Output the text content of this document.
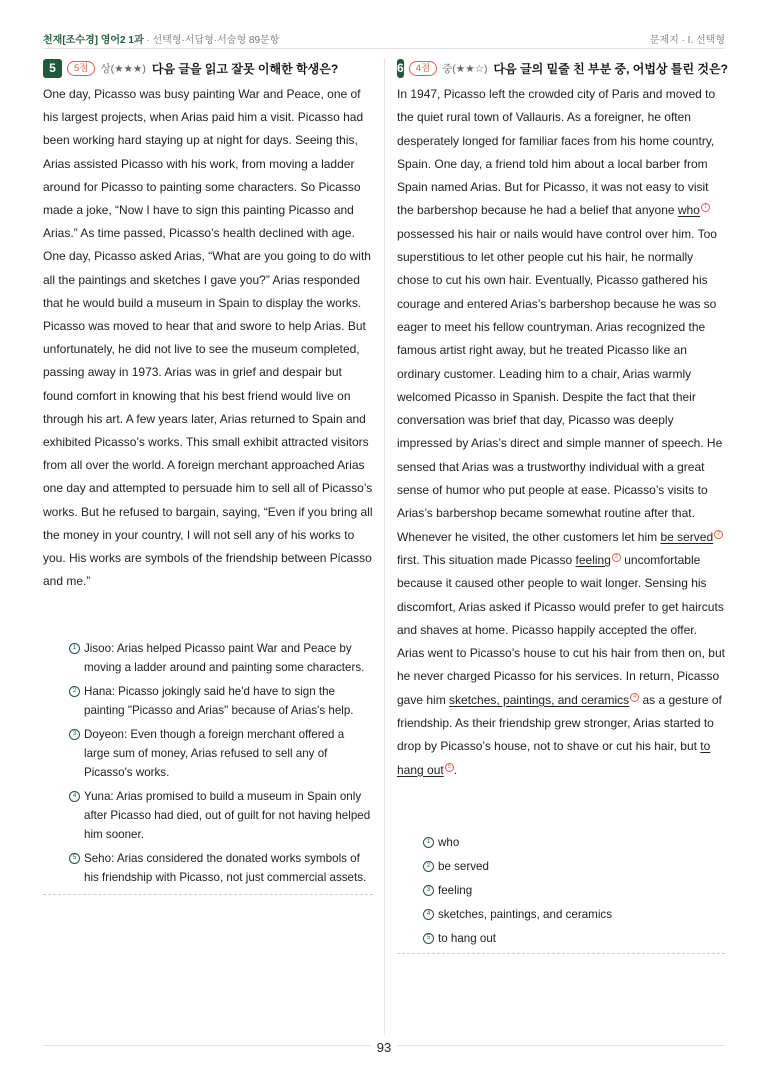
천재[조수경] 영어2 1과 · 선택형·서답형·서술형 89문항	문제지 · I. 선택형
5	5점	상(★★★) 다음 글을 읽고 잘못 이해한 학생은?
One day, Picasso was busy painting War and Peace, one of his largest projects, when Arias paid him a visit. Picasso had been working hard staying up at night for days. Seeing this, Arias assisted Picasso with his work, from moving a ladder around for Picasso to painting some characters. So Picasso made a joke, “Now I have to sign this painting Picasso and Arias.” As time passed, Picasso’s health declined with age. One day, Picasso asked Arias, “What are you going to do with all the paintings and sketches I gave you?” Arias responded that he would build a museum in Spain to display the works. Picasso was moved to hear that and swore to help Arias. But unfortunately, he did not live to see the museum completed, passing away in 1973. Arias was in grief and despair but found comfort in knowing that his best friend would live on through his art. A few years later, Arias returned to Spain and exhibited Picasso’s works. This small exhibit attracted visitors from all over the world. A foreign merchant approached Arias one day and attempted to persuade him to sell all of Picasso’s works. But he refused to bargain, saying, “Even if you bring all the money in your country, I will not sell any of his works to you. His works are symbols of the friendship between Picasso and me.”
1 Jisoo: Arias helped Picasso paint War and Peace by moving a ladder around and painting some characters.
2 Hana: Picasso jokingly said he'd have to sign the painting "Picasso and Arias" because of Arias's help.
3 Doyeon: Even though a foreign merchant offered a large sum of money, Arias refused to sell any of Picasso's works.
4 Yuna: Arias promised to build a museum in Spain only after Picasso had died, out of guilt for not having helped him sooner.
5 Seho: Arias considered the donated works symbols of his friendship with Picasso, not just commercial assets.
6	4점	중(★★☆) 다음 글의 밑줄 친 부분 중, 어법상 틀린 것은?
In 1947, Picasso left the crowded city of Paris and moved to the quiet rural town of Vallauris. As a foreigner, he often desperately longed for familiar faces from his home country, Spain. One day, a friend told him about a local barber from Spain named Arias. But for Picasso, it was not easy to visit the barbershop because he had a belief that anyone who 1 possessed his hair or nails would have control over him. Too superstitious to let other people cut his hair, he normally chose to cut his own hair. Eventually, Picasso gathered his courage and entered Arias’s barbershop because he was so eager to meet his fellow countryman. Arias recognized the famous artist right away, but he treated Picasso like an ordinary customer. Leading him to a chair, Arias warmly welcomed Picasso in Spanish. Despite the fact that their conversation was brief that day, Picasso was deeply impressed by Arias’s direct and simple manner of speech. He sensed that Arias was a trustworthy individual with a great sense of humor who put people at ease. Picasso’s visits to Arias’s barbershop became somewhat routine after that. Whenever he visited, the other customers let him be served 2 first. This situation made Picasso feeling 3 uncomfortable because it caused other people to wait longer. Sensing his discomfort, Arias asked if Picasso would prefer to get haircuts and shaves at home. Picasso happily accepted the offer. Arias went to Picasso’s house to cut his hair from then on, but he never charged Picasso for his services. In return, Picasso gave him sketches, paintings, and ceramics 4 as a gesture of friendship. As their friendship grew stronger, Arias started to drop by Picasso’s house, not to shave or cut his hair, but to hang out 5 .
1 who
2 be served
3 feeling
4 sketches, paintings, and ceramics
5 to hang out
93
